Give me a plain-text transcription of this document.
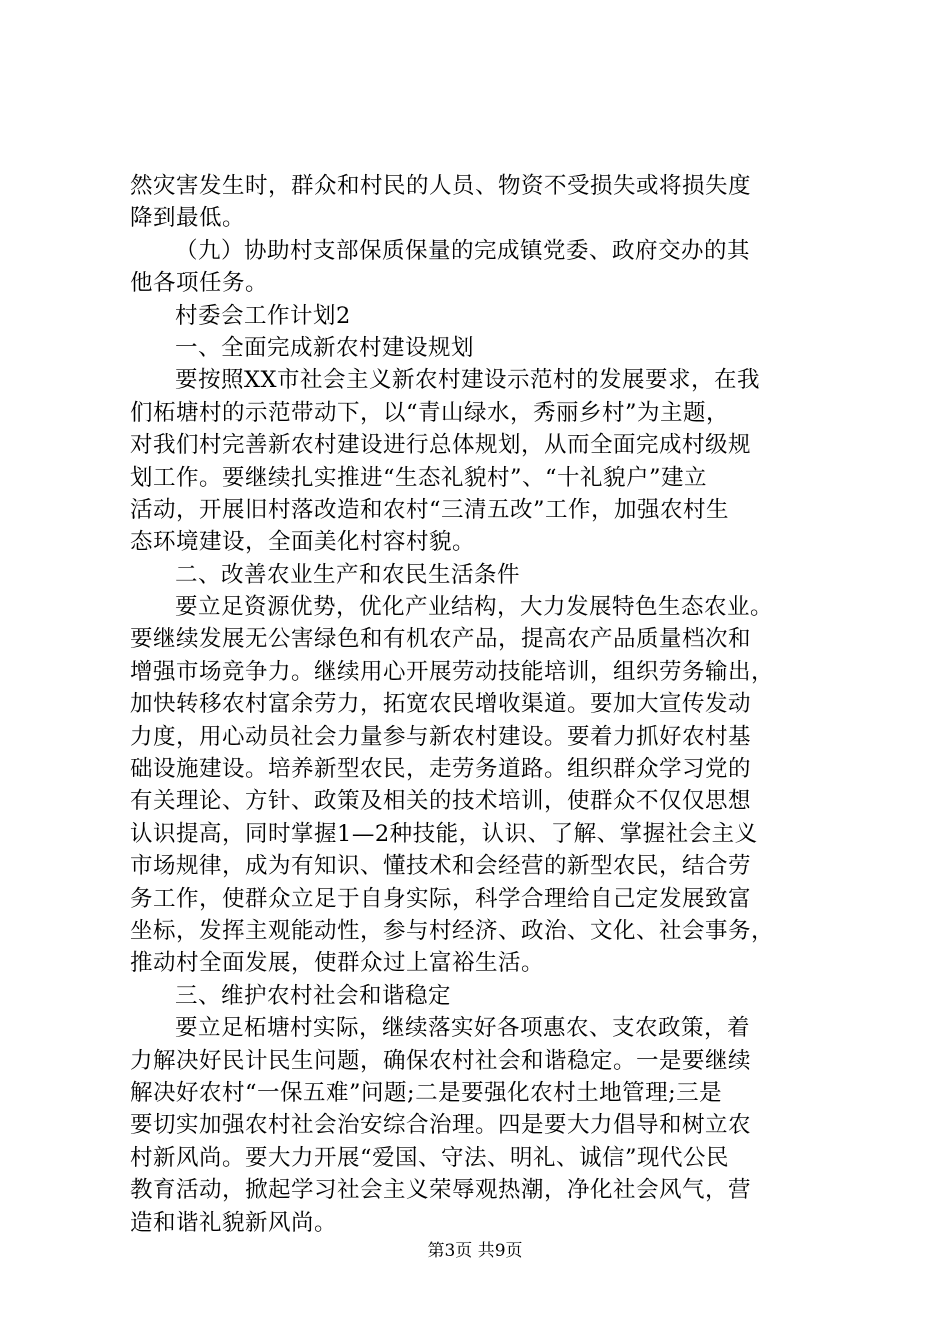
然灾害发生时，群众和村民的人员、物资不受损失或将损失度
降到最低。
（九）协助村支部保质保量的完成镇党委、政府交办的其
他各项任务。
村委会工作计划2
一、全面完成新农村建设规划
要按照XX市社会主义新农村建设示范村的发展要求，在我
们柘塘村的示范带动下，以“青山绿水，秀丽乡村”为主题，
对我们村完善新农村建设进行总体规划，从而全面完成村级规
划工作。要继续扎实推进“生态礼貌村”、“十礼貌户”建立
活动，开展旧村落改造和农村“三清五改”工作，加强农村生
态环境建设，全面美化村容村貌。
二、改善农业生产和农民生活条件
要立足资源优势，优化产业结构，大力发展特色生态农业。
要继续发展无公害绿色和有机农产品，提高农产品质量档次和
增强市场竞争力。继续用心开展劳动技能培训，组织劳务输出，
加快转移农村富余劳力，拓宽农民增收渠道。要加大宣传发动
力度，用心动员社会力量参与新农村建设。要着力抓好农村基
础设施建设。培养新型农民，走劳务道路。组织群众学习党的
有关理论、方针、政策及相关的技术培训，使群众不仅仅思想
认识提高，同时掌握1—2种技能，认识、了解、掌握社会主义
市场规律，成为有知识、懂技术和会经营的新型农民，结合劳
务工作，使群众立足于自身实际，科学合理给自己定发展致富
坐标，发挥主观能动性，参与村经济、政治、文化、社会事务，
推动村全面发展，使群众过上富裕生活。
三、维护农村社会和谐稳定
要立足柘塘村实际，继续落实好各项惠农、支农政策，着
力解决好民计民生问题，确保农村社会和谐稳定。一是要继续
解决好农村“一保五难”问题;二是要强化农村土地管理;三是
要切实加强农村社会治安综合治理。四是要大力倡导和树立农
村新风尚。要大力开展“爱国、守法、明礼、诚信”现代公民
教育活动，掀起学习社会主义荣辱观热潮，净化社会风气，营
造和谐礼貌新风尚。
第3页 共9页
